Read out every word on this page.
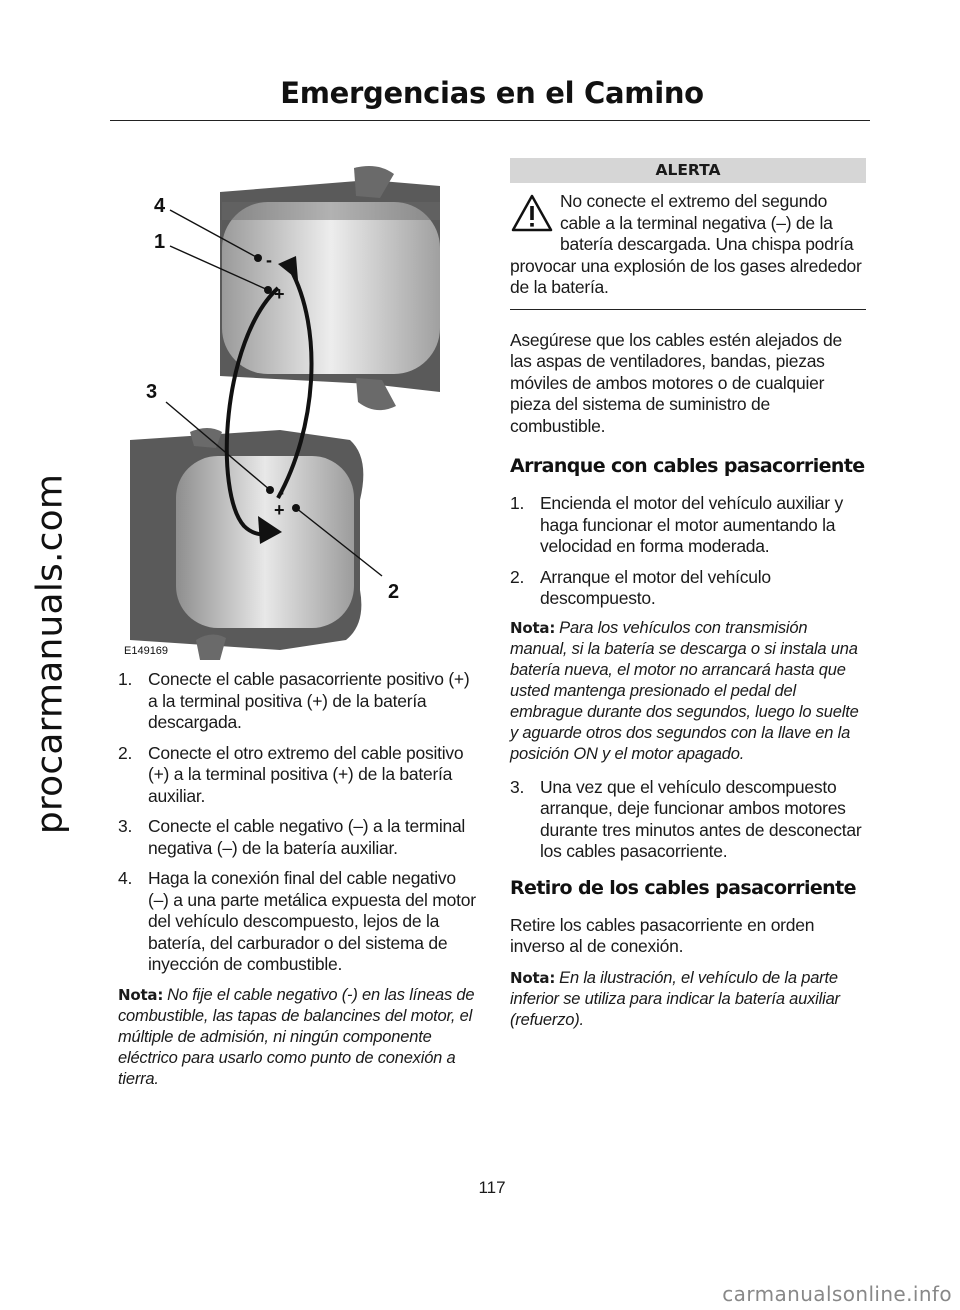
Emergencias en el Camino
procarmanuals.com
4
1
3
2
-
+
-
+
E149169
1. Conecte el cable pasacorriente positivo (+) a la terminal positiva (+) de la batería descargada.
2. Conecte el otro extremo del cable positivo (+) a la terminal positiva (+) de la batería auxiliar.
3. Conecte el cable negativo (–) a la terminal negativa (–) de la batería auxiliar.
4. Haga la conexión final del cable negativo (–) a una parte metálica expuesta del motor del vehículo descompuesto, lejos de la batería, del carburador o del sistema de inyección de combustible.

Nota: No fije el cable negativo (-) en las líneas de combustible, las tapas de balancines del motor, el múltiple de admisión, ni ningún componente eléctrico para usarlo como punto de conexión a tierra.

ALERTA
No conecte el extremo del segundo cable a la terminal negativa (–) de la batería descargada. Una chispa podría provocar una explosión de los gases alrededor de la batería.

Asegúrese que los cables estén alejados de las aspas de ventiladores, bandas, piezas móviles de ambos motores o de cualquier pieza del sistema de suministro de combustible.

Arranque con cables pasacorriente
1. Encienda el motor del vehículo auxiliar y haga funcionar el motor aumentando la velocidad en forma moderada.
2. Arranque el motor del vehículo descompuesto.

Nota: Para los vehículos con transmisión manual, si la batería se descarga o si instala una batería nueva, el motor no arrancará hasta que usted mantenga presionado el pedal del embrague durante dos segundos, luego lo suelte y aguarde otros dos segundos con la llave en la posición ON y el motor apagado.

3. Una vez que el vehículo descompuesto arranque, deje funcionar ambos motores durante tres minutos antes de desconectar los cables pasacorriente.
Retiro de los cables pasacorriente

Retire los cables pasacorriente en orden inverso al de conexión.

Nota: En la ilustración, el vehículo de la parte inferior se utiliza para indicar la batería auxiliar (refuerzo).

117
carmanualsonline.info
